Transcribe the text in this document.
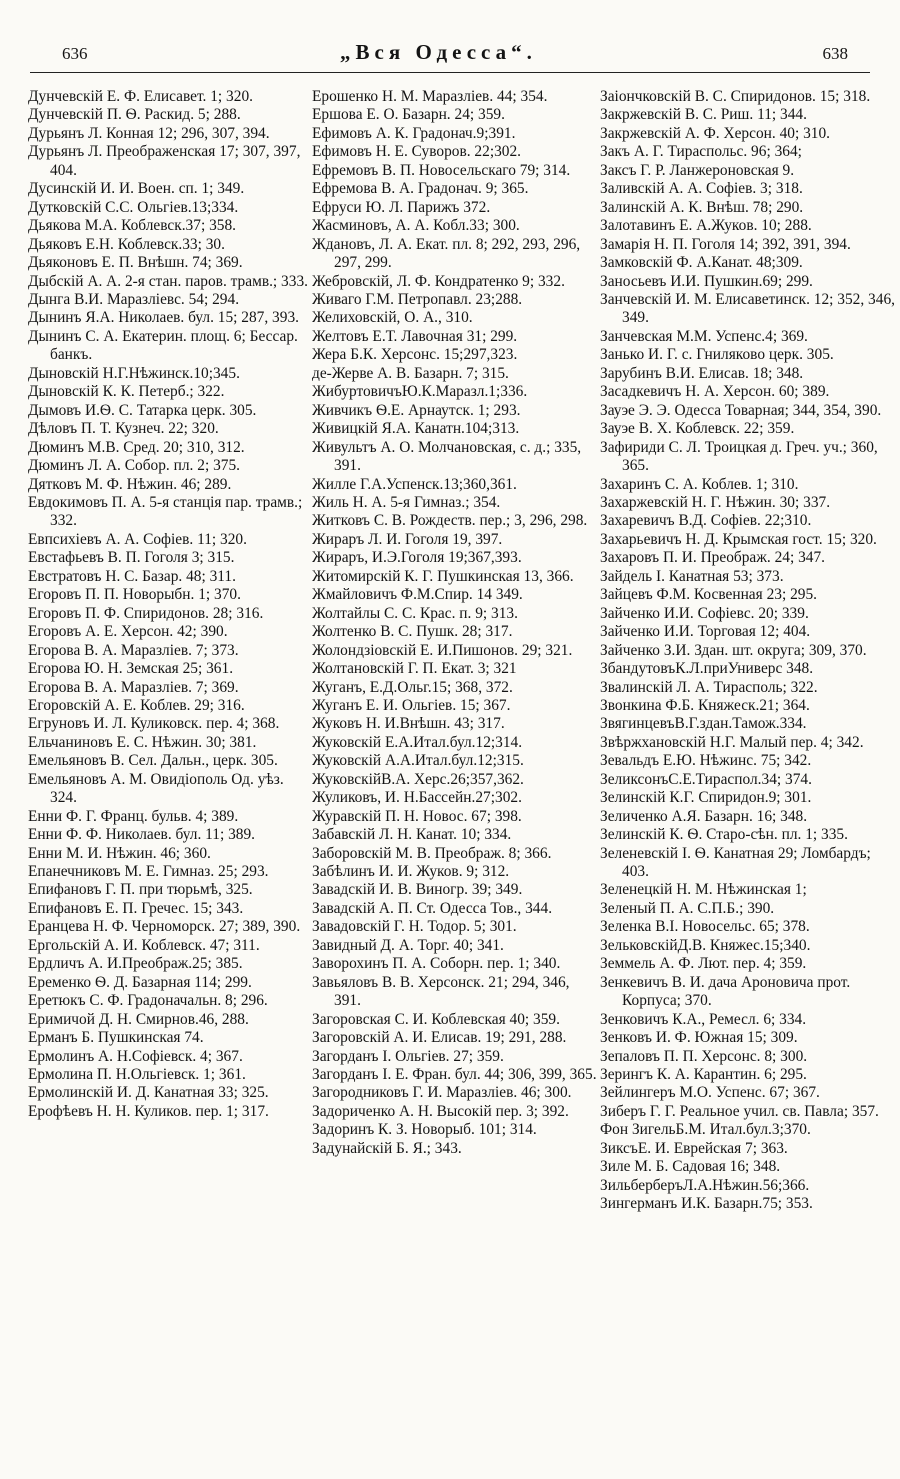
636	„Вся Одесса“.	638

Дунчевскiй Е. Ф. Елисавет. 1; 320.

Дунчевскiй П. Ѳ. Раскид. 5; 288.

Дурьянъ Л. Конная 12; 296, 307, 394.

Дурьянъ Л. Преображенская 17; 307, 397, 404.

Дусинскiй И. И. Воен. сп. 1; 349.

Дутковскiй С.С. Ольгiев.13;334.

Дьякова М.А. Коблевск.37; 358.

Дьяковъ Е.Н. Коблевск.33; 30.

Дьяконовъ Е. П. Внѣшн. 74; 369.

Дыбскiй А. А. 2-я стан. паров. трамв.; 333.

Дынга В.И. Маразлiевс. 54; 294.

Дынинъ Я.А. Николаев. бул. 15; 287, 393.

Дынинъ С. А. Екатерин. площ. 6; Бессар. банкъ.

Дыновскiй Н.Г.Нѣжинск.10;345.

Дыновскiй К. К. Петерб.; 322.

Дымовъ И.Ѳ. С. Татарка церк. 305.

Дѣловъ П. Т. Кузнеч. 22; 320.

Дюминъ М.В. Сред. 20; 310, 312.

Дюминъ Л. А. Собор. пл. 2; 375.

Дятковъ М. Ф. Нѣжин. 46; 289.

Евдокимовъ П. А. 5-я станцiя пар. трамв.; 332.

Евпсихiевъ А. А. Софiев. 11; 320.

Евстафьевъ В. П. Гоголя 3; 315.

Евстратовъ Н. С. Базар. 48; 311.

Егоровъ П. П. Новорыбн. 1; 370.

Егоровъ П. Ф. Спиридонов. 28; 316.

Егоровъ А. Е. Херсон. 42; 390.

Егорова В. А. Маразлiев. 7; 373.

Егорова Ю. Н. Земская 25; 361.

Егорова В. А. Маразлiев. 7; 369.

Егоровскiй А. Е. Коблев. 29; 316.

Егруновъ И. Л. Куликовск. пер. 4; 368.

Ельчаниновъ Е. С. Нѣжин. 30; 381.

Емельяновъ В. Сел. Дальн., церк. 305.

Емельяновъ А. М. Овидiополь Од. уѣз. 324.

Енни Ф. Г. Франц. бульв. 4; 389.

Енни Ф. Ф. Николаев. бул. 11; 389.

Енни М. И. Нѣжин. 46; 360.

Епанечниковъ М. Е. Гимназ. 25; 293.

Епифановъ Г. П. при тюрьмѣ, 325.

Епифановъ Е. П. Гречес. 15; 343.

Еранцева Н. Ф. Черноморск. 27; 389, 390.

Ергольскiй А. И. Коблевск. 47; 311.

Ердличъ А. И.Преображ.25; 385.

Еременко Ѳ. Д. Базарная 114; 299.

Еретюкъ С. Ф. Градоначальн. 8; 296.

Еримичой Д. Н. Смирнов.46, 288.

Ерманъ Б. Пушкинская 74.

Ермолинъ А. Н.Софiевск. 4; 367.

Ермолина П. Н.Ольгiевск. 1; 361.

Ермолинскiй И. Д. Канатная 33; 325.

Ерофѣевъ Н. Н. Куликов. пер. 1; 317.

Ерошенко Н. М. Маразлiев. 44; 354.

Ершова Е. О. Базарн. 24; 359.

Ефимовъ А. К. Градонач.9;391.

Ефимовъ Н. Е. Суворов. 22;302.

Ефремовъ В. П. Новосельскаго 79; 314.

Ефремова В. А. Градонач. 9; 365.

Ефруси Ю. Л. Парижъ 372.

Жасминовъ, А. А. Кобл.33; 300.

Ждановъ, Л. А. Екат. пл. 8; 292, 293, 296, 297, 299.

Жебровскiй, Л. Ф. Кондратенко 9; 332.

Живаго Г.М. Петропавл. 23;288.

Желиховскiй, О. А., 310.

Желтовъ Е.Т. Лавочная 31; 299.

Жера Б.К. Херсонс. 15;297,323.

де-Жерве А. В. Базарн. 7; 315.

ЖибуртовичъЮ.К.Маразл.1;336.

Живчикъ Ѳ.Е. Арнаутск. 1; 293.

Живицкiй Я.А. Канатн.104;313.

Живультъ А. О. Молчановская, с. д.; 335, 391.

Жилле Г.А.Успенск.13;360,361.

Жиль Н. А. 5-я Гимназ.; 354.

Житковъ С. В. Рождеств. пер.; 3, 296, 298.

Жираръ Л. И. Гоголя 19, 397.

Жираръ, И.Э.Гоголя 19;367,393.

Житомирскiй К. Г. Пушкинская 13, 366.

Жмайловичъ Ф.М.Спир. 14 349.

Жолтайлы С. С. Крас. п. 9; 313.

Жолтенко В. С. Пушк. 28; 317.

Жолондзiовскiй Е. И.Пишонов. 29; 321.

Жолтановскiй Г. П. Екат. 3; 321

Жуганъ, Е.Д.Ольг.15; 368, 372.

Жуганъ Е. И. Ольгiев. 15; 367.

Жуковъ Н. И.Внѣшн. 43; 317.

Жуковскiй Е.А.Итал.бул.12;314.

Жуковскiй А.А.Итал.бул.12;315.

ЖуковскiйВ.А. Херс.26;357,362.

Жуликовъ, И. Н.Бассейн.27;302.

Журавскiй П. Н. Новос. 67; 398.

Забавскiй Л. Н. Канат. 10; 334.

Заборовскiй М. В. Преображ. 8; 366.

Забѣлинъ И. И. Жуков. 9; 312.

Завадскiй И. В. Виногр. 39; 349.

Завадскiй А. П. Ст. Одесса Тов., 344.

Завадовскiй Г. Н. Тодор. 5; 301.

Завидный Д. А. Торг. 40; 341.

Заворохинъ П. А. Соборн. пер. 1; 340.

Завьяловъ В. В. Херсонск. 21; 294, 346, 391.

Загоровская С. И. Коблевская 40; 359.

Загоровскiй А. И. Елисав. 19; 291, 288.

Загорданъ I. Ольгiев. 27; 359.

Загорданъ I. Е. Фран. бул. 44; 306, 399, 365.

Загородниковъ Г. И. Маразлiев. 46; 300.

Задориченко А. Н. Высокiй пер. 3; 392.

Задоринъ К. З. Новорыб. 101; 314.

Задунайскiй Б. Я.; 343.

Заiончковскiй В. С. Спиридонов. 15; 318.

Закржевскiй В. С. Риш. 11; 344.

Закржевскiй А. Ф. Херсон. 40; 310.

Закъ А. Г. Тираспольс. 96; 364;

Заксъ Г. Р. Ланжероновская 9.

Заливскiй А. А. Софiев. 3; 318.

Залинскiй А. К. Внѣш. 78; 290.

Залотавинъ Е. А.Жуков. 10; 288.

Замарiя Н. П. Гоголя 14; 392, 391, 394.

Замковскiй Ф. А.Канат. 48;309.

Заносьевъ И.И. Пушкин.69; 299.

Занчевскiй И. М. Елисаветинск. 12; 352, 346, 349.

Занчевская М.М. Успенс.4; 369.

Занько И. Г. с. Гниляково церк. 305.

Зарубинъ В.И. Елисав. 18; 348.

Засадкевичъ Н. А. Херсон. 60; 389.

Зауэе Э. Э. Одесса Товарная; 344, 354, 390.

Зауэе В. Х. Коблевск. 22; 359.

Зафириди С. Л. Троицкая д. Греч. уч.; 360, 365.

Захаринъ С. А. Коблев. 1; 310.

Захаржевскiй Н. Г. Нѣжин. 30; 337.

Захаревичъ В.Д. Софiев. 22;310.

Захарьевичъ Н. Д. Крымская гост. 15; 320.

Захаровъ П. И. Преображ. 24; 347.

Зайдель I. Канатная 53; 373.

Зайцевъ Ф.М. Косвенная 23; 295.

Зайченко И.И. Софiевс. 20; 339.

Зайченко И.И. Торговая 12; 404.

Зайченко З.И. Здан. шт. округа; 309, 370.

ЗбандутовъК.Л.приУниверс 348.

Звалинскiй Л. А. Тирасполь; 322.

Звонкина Ф.Б. Княжеск.21; 364.

ЗвягинцевъВ.Г.здан.Тамож.334.

Звѣржхановскiй Н.Г. Малый пер. 4; 342.

Зевальдъ Е.Ю. Нѣжинс. 75; 342.

ЗеликсонъС.Е.Тираспол.34; 374.

Зелинскiй К.Г. Спиридон.9; 301.

Зеличенко А.Я. Базарн. 16; 348.

Зелинскiй К. Ѳ. Старо-сѣн. пл. 1; 335.

Зеленевскiй I. Ѳ. Канатная 29; Ломбардъ; 403.

Зеленецкiй Н. М. Нѣжинская 1;

Зеленый П. А. С.П.Б.; 390.

Зеленка В.I. Новосельс. 65; 378.

ЗельковскiйД.В. Княжес.15;340.

Земмель А. Ф. Лют. пер. 4; 359.

Зенкевичъ В. И. дача Ароновича прот. Корпуса; 370.

Зенковичъ К.А., Ремесл. 6; 334.

Зенковъ И. Ф. Южная 15; 309.

Зепаловъ П. П. Херсонс. 8; 300.

Зерингъ К. А. Карантин. 6; 295.

Зейлингеръ М.О. Успенс. 67; 367.

Зиберъ Г. Г. Реальное учил. св. Павла; 357.

Фон ЗигельБ.М. Итал.бул.3;370.

ЗиксъЕ. И. Еврейская 7; 363.

Зиле М. Б. Садовая 16; 348.

ЗильберберъЛ.А.Нѣжин.56;366.

Зингерманъ И.К. Базарн.75; 353.
